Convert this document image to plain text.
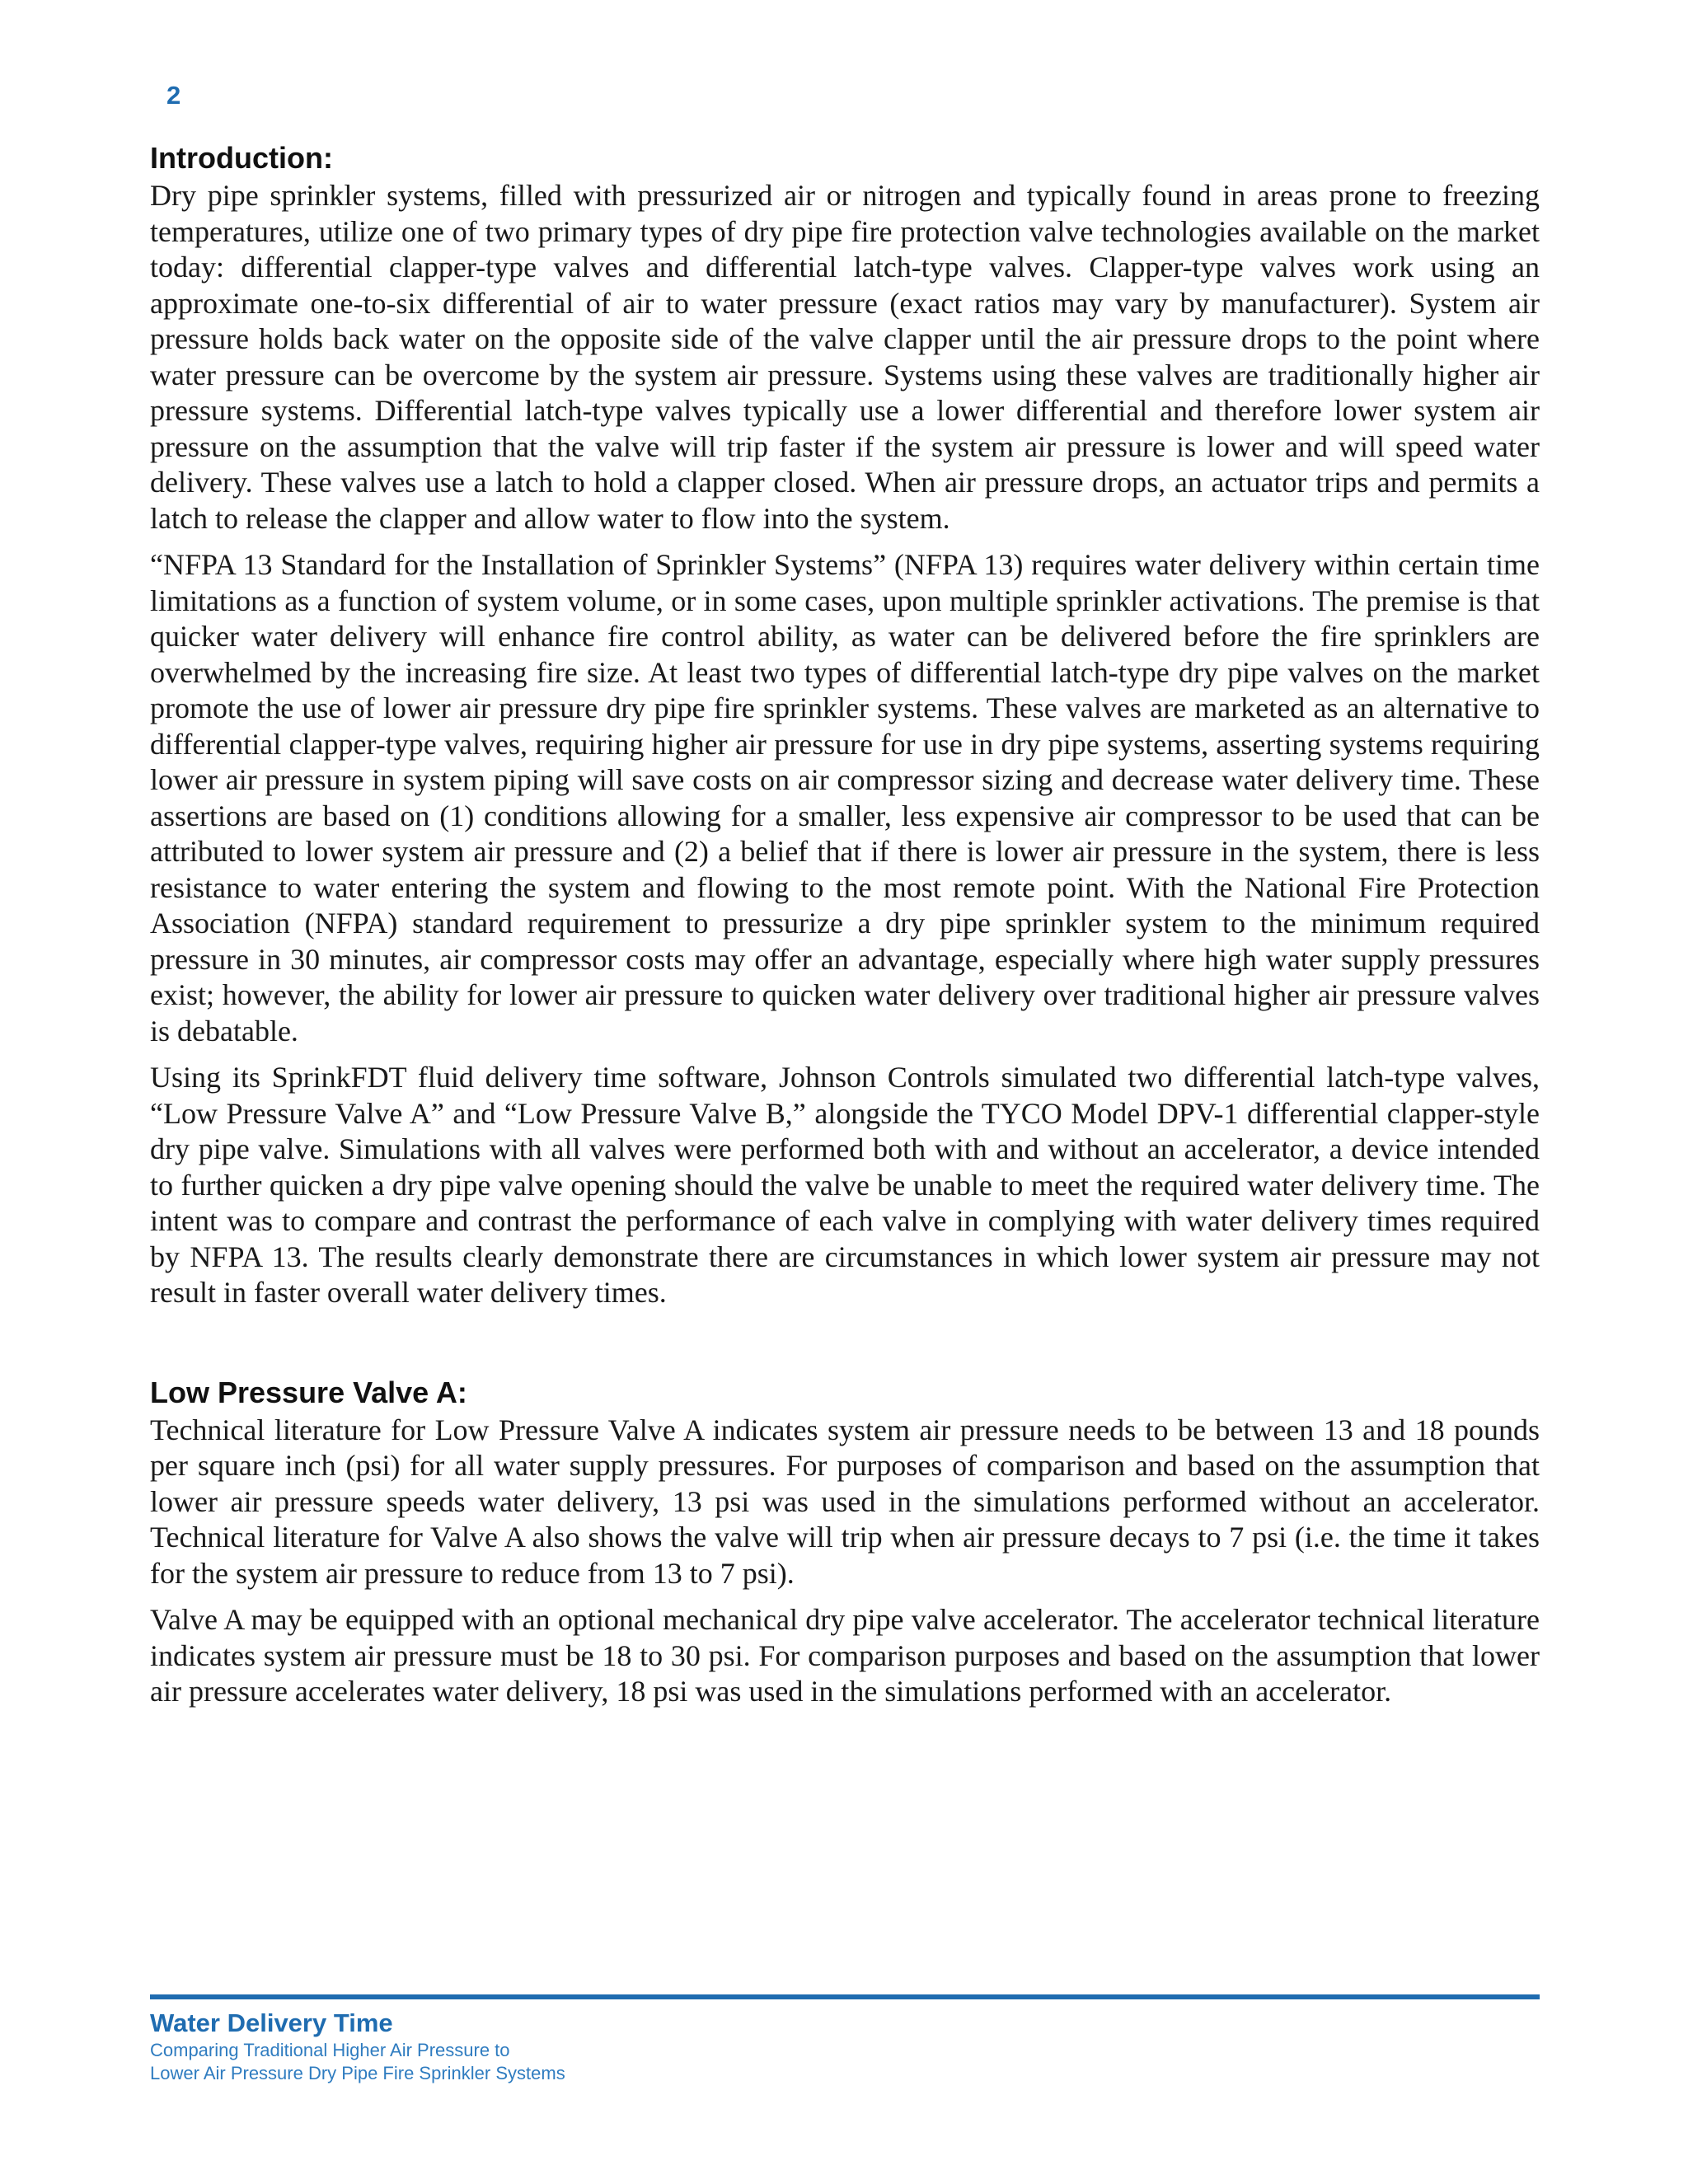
2
Introduction:

Dry pipe sprinkler systems, filled with pressurized air or nitrogen and typically found in areas prone to freezing temperatures, utilize one of two primary types of dry pipe fire protection valve technologies available on the market today: differential clapper-type valves and differential latch-type valves. Clapper-type valves work using an approximate one-to-six differential of air to water pressure (exact ratios may vary by manufacturer). System air pressure holds back water on the opposite side of the valve clapper until the air pressure drops to the point where water pressure can be overcome by the system air pressure. Systems using these valves are traditionally higher air pressure systems. Differential latch-type valves typically use a lower differential and therefore lower system air pressure on the assumption that the valve will trip faster if the system air pressure is lower and will speed water delivery. These valves use a latch to hold a clapper closed. When air pressure drops, an actuator trips and permits a latch to release the clapper and allow water to flow into the system.

“NFPA 13 Standard for the Installation of Sprinkler Systems” (NFPA 13) requires water delivery within certain time limitations as a function of system volume, or in some cases, upon multiple sprinkler activations. The premise is that quicker water delivery will enhance fire control ability, as water can be delivered before the fire sprinklers are overwhelmed by the increasing fire size. At least two types of differential latch-type dry pipe valves on the market promote the use of lower air pressure dry pipe fire sprinkler systems. These valves are marketed as an alternative to differential clapper-type valves, requiring higher air pressure for use in dry pipe systems, asserting systems requiring lower air pressure in system piping will save costs on air compressor sizing and decrease water delivery time. These assertions are based on (1) conditions allowing for a smaller, less expensive air compressor to be used that can be attributed to lower system air pressure and (2) a belief that if there is lower air pressure in the system, there is less resistance to water entering the system and flowing to the most remote point. With the National Fire Protection Association (NFPA) standard requirement to pressurize a dry pipe sprinkler system to the minimum required pressure in 30 minutes, air compressor costs may offer an advantage, especially where high water supply pressures exist; however, the ability for lower air pressure to quicken water delivery over traditional higher air pressure valves is debatable.

Using its SprinkFDT fluid delivery time software, Johnson Controls simulated two differential latch-type valves, “Low Pressure Valve A” and “Low Pressure Valve B,” alongside the TYCO Model DPV-1 differential clapper-style dry pipe valve. Simulations with all valves were performed both with and without an accelerator, a device intended to further quicken a dry pipe valve opening should the valve be unable to meet the required water delivery time. The intent was to compare and contrast the performance of each valve in complying with water delivery times required by NFPA 13. The results clearly demonstrate there are circumstances in which lower system air pressure may not result in faster overall water delivery times.

Low Pressure Valve A:

Technical literature for Low Pressure Valve A indicates system air pressure needs to be between 13 and 18 pounds per square inch (psi) for all water supply pressures. For purposes of comparison and based on the assumption that lower air pressure speeds water delivery, 13 psi was used in the simulations performed without an accelerator. Technical literature for Valve A also shows the valve will trip when air pressure decays to 7 psi (i.e. the time it takes for the system air pressure to reduce from 13 to 7 psi).

Valve A may be equipped with an optional mechanical dry pipe valve accelerator. The accelerator technical literature indicates system air pressure must be 18 to 30 psi. For comparison purposes and based on the assumption that lower air pressure accelerates water delivery, 18 psi was used in the simulations performed with an accelerator.

Water Delivery Time
Comparing Traditional Higher Air Pressure to
Lower Air Pressure Dry Pipe Fire Sprinkler Systems
